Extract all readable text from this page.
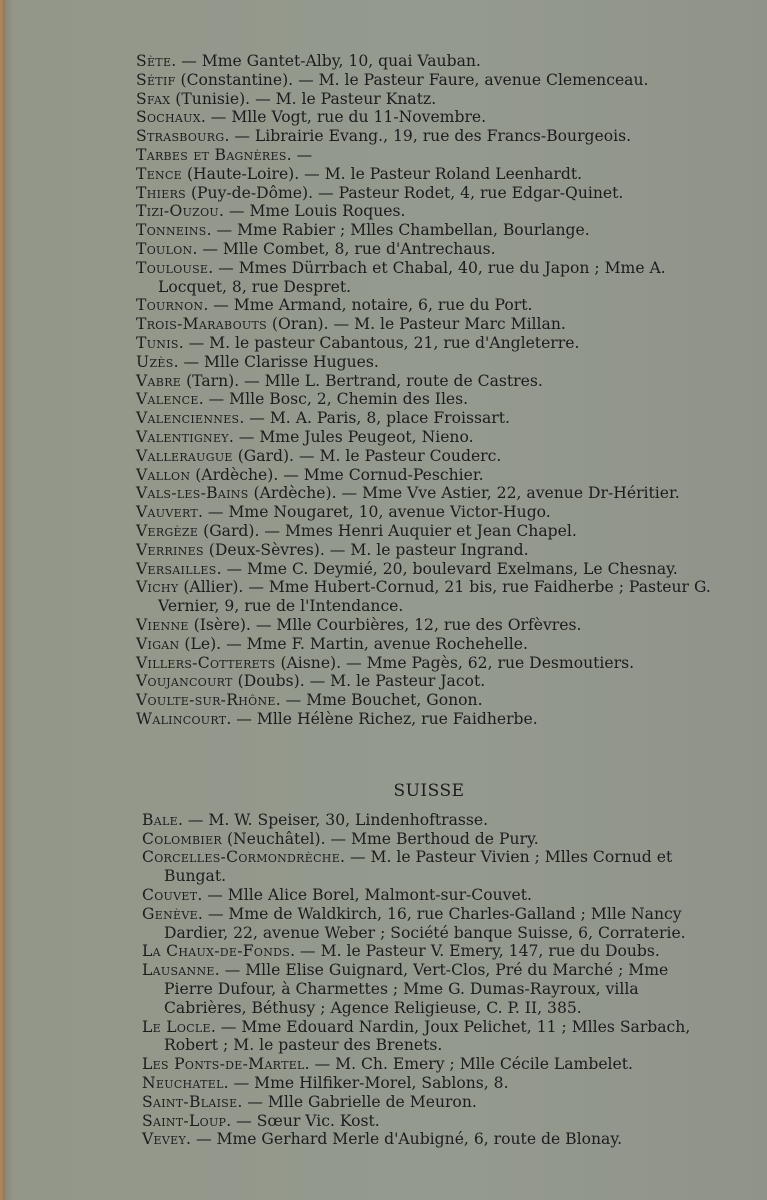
Sète. — Mme Gantet-Alby, 10, quai Vauban.
Sétif (Constantine). — M. le Pasteur Faure, avenue Clemenceau.
Sfax (Tunisie). — M. le Pasteur Knatz.
Sochaux. — Mlle Vogt, rue du 11-Novembre.
Strasbourg. — Librairie Evang., 19, rue des Francs-Bourgeois.
Tarbes et Bagnères. —
Tence (Haute-Loire). — M. le Pasteur Roland Leenhardt.
Thiers (Puy-de-Dôme). — Pasteur Rodet, 4, rue Edgar-Quinet.
Tizi-Ouzou. — Mme Louis Roques.
Tonneins. — Mme Rabier ; Mlles Chambellan, Bourlange.
Toulon. — Mlle Combet, 8, rue d'Antrechaus.
Toulouse. — Mmes Dürrbach et Chabal, 40, rue du Japon ; Mme A. Locquet, 8, rue Despret.
Tournon. — Mme Armand, notaire, 6, rue du Port.
Trois-Marabouts (Oran). — M. le Pasteur Marc Millan.
Tunis. — M. le pasteur Cabantous, 21, rue d'Angleterre.
Uzès. — Mlle Clarisse Hugues.
Vabre (Tarn). — Mlle L. Bertrand, route de Castres.
Valence. — Mlle Bosc, 2, Chemin des Iles.
Valenciennes. — M. A. Paris, 8, place Froissart.
Valentigney. — Mme Jules Peugeot, Nieno.
Valleraugue (Gard). — M. le Pasteur Couderc.
Vallon (Ardèche). — Mme Cornud-Peschier.
Vals-les-Bains (Ardèche). — Mme Vve Astier, 22, avenue Dr-Héritier.
Vauvert. — Mme Nougaret, 10, avenue Victor-Hugo.
Vergèze (Gard). — Mmes Henri Auquier et Jean Chapel.
Verrines (Deux-Sèvres). — M. le pasteur Ingrand.
Versailles. — Mme C. Deymié, 20, boulevard Exelmans, Le Chesnay.
Vichy (Allier). — Mme Hubert-Cornud, 21 bis, rue Faidherbe ; Pasteur G. Vernier, 9, rue de l'Intendance.
Vienne (Isère). — Mlle Courbières, 12, rue des Orfèvres.
Vigan (Le). — Mme F. Martin, avenue Rochehelle.
Villers-Cotterets (Aisne). — Mme Pagès, 62, rue Desmoutiers.
Voujancourt (Doubs). — M. le Pasteur Jacot.
Voulte-sur-Rhône. — Mme Bouchet, Gonon.
Walincourt. — Mlle Hélène Richez, rue Faidherbe.
SUISSE
Bale. — M. W. Speiser, 30, Lindenhoftrasse.
Colombier (Neuchâtel). — Mme Berthoud de Pury.
Corcelles-Cormondrèche. — M. le Pasteur Vivien ; Mlles Cornud et Bungat.
Couvet. — Mlle Alice Borel, Malmont-sur-Couvet.
Genève. — Mme de Waldkirch, 16, rue Charles-Galland ; Mlle Nancy Dardier, 22, avenue Weber ; Société banque Suisse, 6, Corraterie.
La Chaux-de-Fonds. — M. le Pasteur V. Emery, 147, rue du Doubs.
Lausanne. — Mlle Elise Guignard, Vert-Clos, Pré du Marché ; Mme Pierre Dufour, à Charmettes ; Mme G. Dumas-Rayroux, villa Cabrières, Béthusy ; Agence Religieuse, C. P. II, 385.
Le Locle. — Mme Edouard Nardin, Joux Pelichet, 11 ; Mlles Sarbach, Robert ; M. le pasteur des Brenets.
Les Ponts-de-Martel. — M. Ch. Emery ; Mlle Cécile Lambelet.
Neuchatel. — Mme Hilfiker-Morel, Sablons, 8.
Saint-Blaise. — Mlle Gabrielle de Meuron.
Saint-Loup. — Sœur Vic. Kost.
Vevey. — Mme Gerhard Merle d'Aubigné, 6, route de Blonay.
